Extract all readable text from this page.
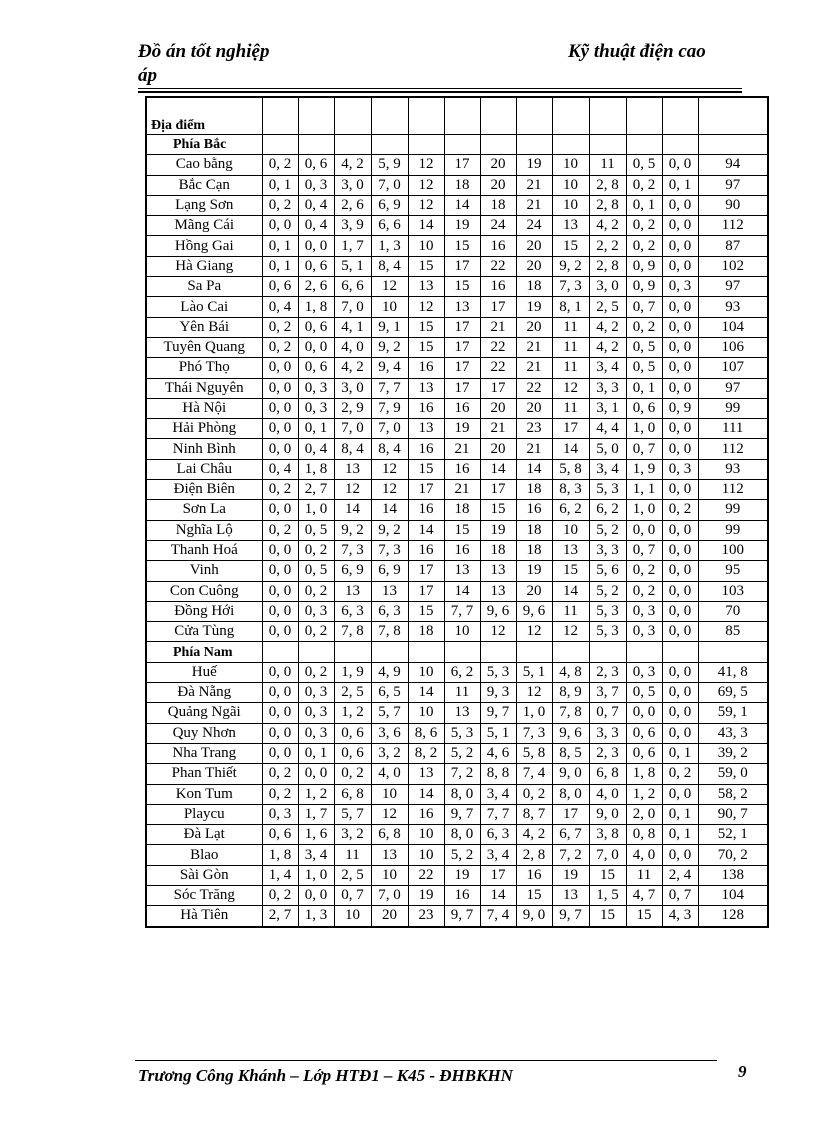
Đồ án tốt nghiệp
áp
Kỹ thuật điện cao
Địa điểm													
Phía Bắc													
Cao bằng	0, 2	0, 6	4, 2	5, 9	12	17	20	19	10	11	0, 5	0, 0	94
Bắc Cạn	0, 1	0, 3	3, 0	7, 0	12	18	20	21	10	2, 8	0, 2	0, 1	97
Lạng Sơn	0, 2	0, 4	2, 6	6, 9	12	14	18	21	10	2, 8	0, 1	0, 0	90
Mãng Cái	0, 0	0, 4	3, 9	6, 6	14	19	24	24	13	4, 2	0, 2	0, 0	112
Hồng Gai	0, 1	0, 0	1, 7	1, 3	10	15	16	20	15	2, 2	0, 2	0, 0	87
Hà Giang	0, 1	0, 6	5, 1	8, 4	15	17	22	20	9, 2	2, 8	0, 9	0, 0	102
Sa Pa	0, 6	2, 6	6, 6	12	13	15	16	18	7, 3	3, 0	0, 9	0, 3	97
Lào Cai	0, 4	1, 8	7, 0	10	12	13	17	19	8, 1	2, 5	0, 7	0, 0	93
Yên Bái	0, 2	0, 6	4, 1	9, 1	15	17	21	20	11	4, 2	0, 2	0, 0	104
Tuyên Quang	0, 2	0, 0	4, 0	9, 2	15	17	22	21	11	4, 2	0, 5	0, 0	106
Phó Thọ	0, 0	0, 6	4, 2	9, 4	16	17	22	21	11	3, 4	0, 5	0, 0	107
Thái Nguyên	0, 0	0, 3	3, 0	7, 7	13	17	17	22	12	3, 3	0, 1	0, 0	97
Hà Nội	0, 0	0, 3	2, 9	7, 9	16	16	20	20	11	3, 1	0, 6	0, 9	99
Hải Phòng	0, 0	0, 1	7, 0	7, 0	13	19	21	23	17	4, 4	1, 0	0, 0	111
Ninh Bình	0, 0	0, 4	8, 4	8, 4	16	21	20	21	14	5, 0	0, 7	0, 0	112
Lai Châu	0, 4	1, 8	13	12	15	16	14	14	5, 8	3, 4	1, 9	0, 3	93
Điện Biên	0, 2	2, 7	12	12	17	21	17	18	8, 3	5, 3	1, 1	0, 0	112
Sơn La	0, 0	1, 0	14	14	16	18	15	16	6, 2	6, 2	1, 0	0, 2	99
Nghĩa Lộ	0, 2	0, 5	9, 2	9, 2	14	15	19	18	10	5, 2	0, 0	0, 0	99
Thanh Hoá	0, 0	0, 2	7, 3	7, 3	16	16	18	18	13	3, 3	0, 7	0, 0	100
Vinh	0, 0	0, 5	6, 9	6, 9	17	13	13	19	15	5, 6	0, 2	0, 0	95
Con Cuông	0, 0	0, 2	13	13	17	14	13	20	14	5, 2	0, 2	0, 0	103
Đồng Hới	0, 0	0, 3	6, 3	6, 3	15	7, 7	9, 6	9, 6	11	5, 3	0, 3	0, 0	70
Cửa Tùng	0, 0	0, 2	7, 8	7, 8	18	10	12	12	12	5, 3	0, 3	0, 0	85
Phía Nam													
Huế	0, 0	0, 2	1, 9	4, 9	10	6, 2	5, 3	5, 1	4, 8	2, 3	0, 3	0, 0	41, 8
Đà Nẵng	0, 0	0, 3	2, 5	6, 5	14	11	9, 3	12	8, 9	3, 7	0, 5	0, 0	69, 5
Quảng Ngãi	0, 0	0, 3	1, 2	5, 7	10	13	9, 7	1, 0	7, 8	0, 7	0, 0	0, 0	59, 1
Quy Nhơn	0, 0	0, 3	0, 6	3, 6	8, 6	5, 3	5, 1	7, 3	9, 6	3, 3	0, 6	0, 0	43, 3
Nha Trang	0, 0	0, 1	0, 6	3, 2	8, 2	5, 2	4, 6	5, 8	8, 5	2, 3	0, 6	0, 1	39, 2
Phan Thiết	0, 2	0, 0	0, 2	4, 0	13	7, 2	8, 8	7, 4	9, 0	6, 8	1, 8	0, 2	59, 0
Kon Tum	0, 2	1, 2	6, 8	10	14	8, 0	3, 4	0, 2	8, 0	4, 0	1, 2	0, 0	58, 2
Playcu	0, 3	1, 7	5, 7	12	16	9, 7	7, 7	8, 7	17	9, 0	2, 0	0, 1	90, 7
Đà Lạt	0, 6	1, 6	3, 2	6, 8	10	8, 0	6, 3	4, 2	6, 7	3, 8	0, 8	0, 1	52, 1
Blao	1, 8	3, 4	11	13	10	5, 2	3, 4	2, 8	7, 2	7, 0	4, 0	0, 0	70, 2
Sài Gòn	1, 4	1, 0	2, 5	10	22	19	17	16	19	15	11	2, 4	138
Sóc Trăng	0, 2	0, 0	0, 7	7, 0	19	16	14	15	13	1, 5	4, 7	0, 7	104
Hà Tiên	2, 7	1, 3	10	20	23	9, 7	7, 4	9, 0	9, 7	15	15	4, 3	128
Trương Công Khánh – Lớp HTĐ1 – K45 - ĐHBKHN	9
